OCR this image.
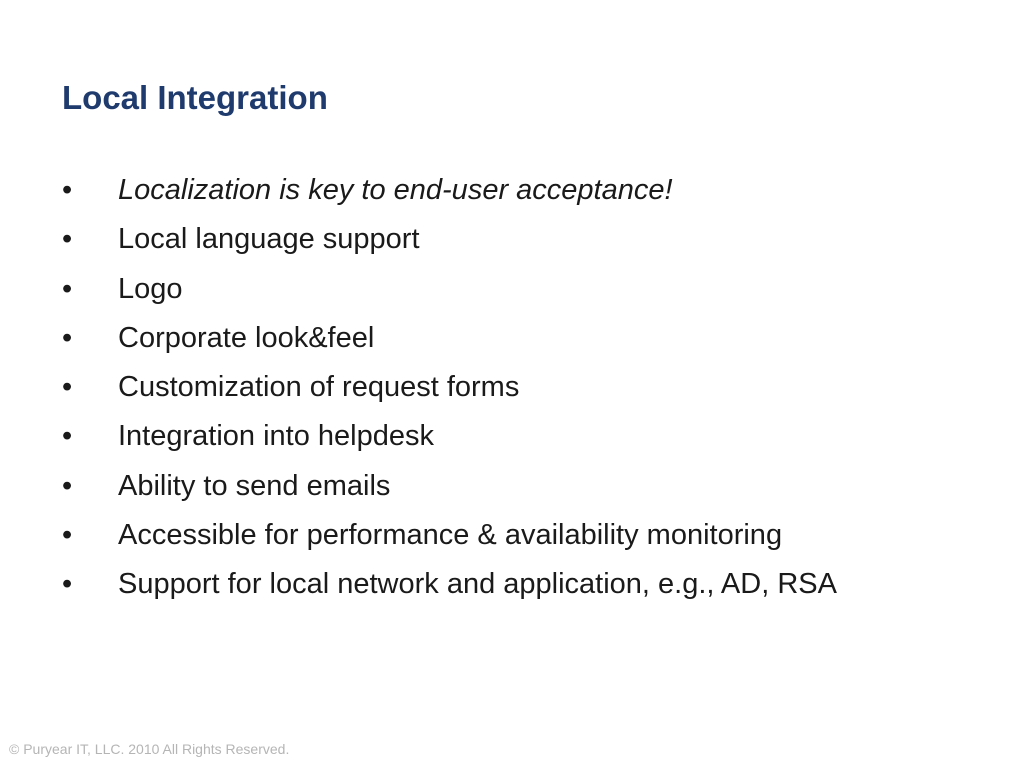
Local Integration
•	Localization is key to end-user acceptance!
•	Local language support
•	Logo
•	Corporate look&feel
•	Customization of request forms
•	Integration into helpdesk
•	Ability to send emails
•	Accessible for performance & availability monitoring
•	Support for local network and application, e.g., AD, RSA
© Puryear IT, LLC. 2010 All Rights Reserved.
